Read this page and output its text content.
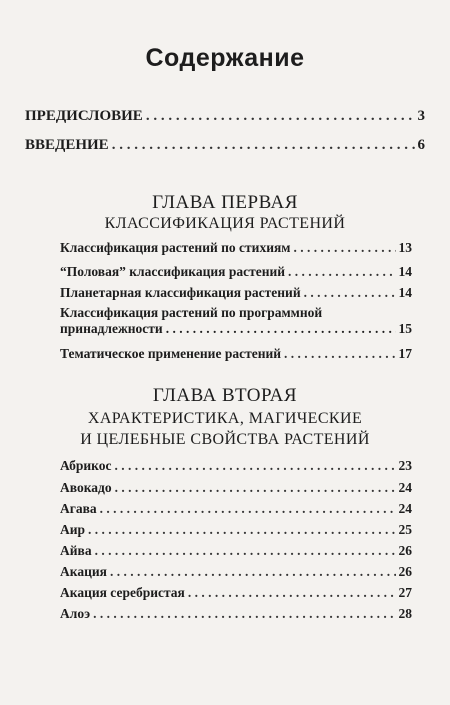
Содержание
ПРЕДИСЛОВИЕ . . .	3
ВВЕДЕНИЕ . . .	6
ГЛАВА ПЕРВАЯ
КЛАССИФИКАЦИЯ РАСТЕНИЙ
Классификация растений по стихиям . . .	13
“Половая” классификация растений . . .	14
Планетарная классификация растений . . .	14
Классификация растений по программной
принадлежности . . .	15
Тематическое применение растений . . .	17
ГЛАВА ВТОРАЯ
ХАРАКТЕРИСТИКА, МАГИЧЕСКИЕ
И ЦЕЛЕБНЫЕ СВОЙСТВА РАСТЕНИЙ
Абрикос . . .	23
Авокадо . . .	24
Агава . . .	24
Аир . . .	25
Айва . . .	26
Акация . . .	26
Акация серебристая . . .	27
Алоэ . . .	28
